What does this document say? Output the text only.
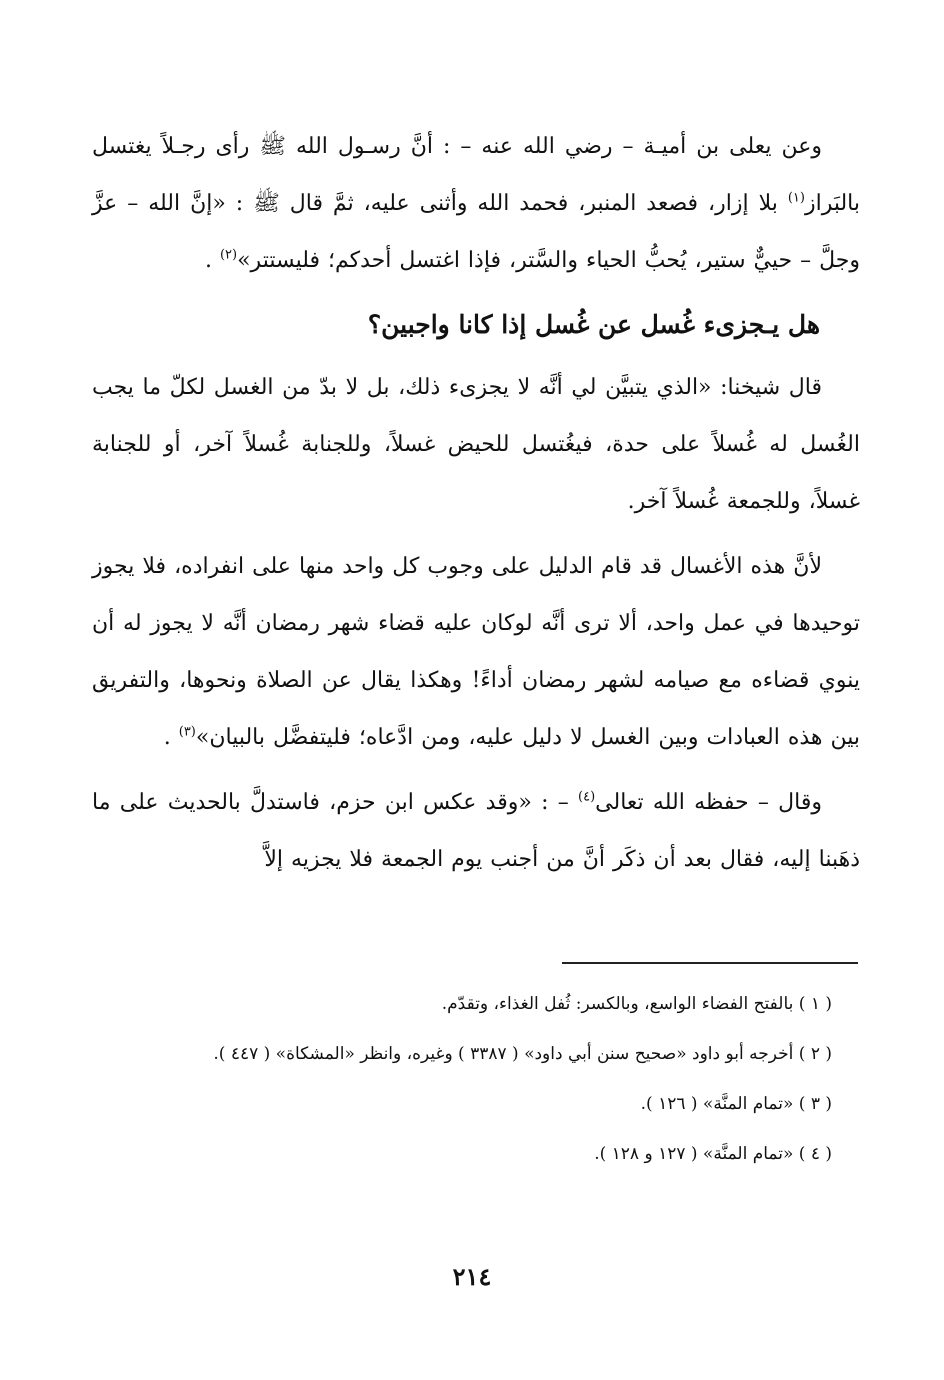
وعن يعلى بن أميـة – رضي الله عنه – : أنَّ رسـول الله ﷺ رأى رجـلاً يغتسل بالبَراز$^{(١)}$ بلا إزار، فصعد المنبر، فحمد الله وأثنى عليه، ثمَّ قال ﷺ : «إنَّ الله – عزَّ وجلَّ – حييٌّ ستير، يُحبُّ الحياء والسَّتر، فإذا اغتسل أحدكم؛ فليستتر»$^{(٢)}$ .

هل يـجزىء غُسل عن غُسل إذا كانا واجبين؟

قال شيخنا: «الذي يتبيَّن لي أنَّه لا يجزىء ذلك، بل لا بدّ من الغسل لكلّ ما يجب الغُسل له غُسلاً على حدة، فيغُتسل للحيض غسلاً، وللجنابة غُسلاً آخر، أو للجنابة غسلاً، وللجمعة غُسلاً آخر.

لأنَّ هذه الأغسال قد قام الدليل على وجوب كل واحد منها على انفراده، فلا يجوز توحيدها في عمل واحد، ألا ترى أنَّه لوكان عليه قضاء شهر رمضان أنَّه لا يجوز له أن ينوي قضاءه مع صيامه لشهر رمضان أداءً! وهكذا يقال عن الصلاة ونحوها، والتفريق بين هذه العبادات وبين الغسل لا دليل عليه، ومن ادَّعاه؛ فليتفضَّل بالبيان»$^{(٣)}$ .

وقال – حفظه الله تعالى$^{(٤)}$ – : «وقد عكس ابن حزم، فاستدلَّ بالحديث على ما ذهَبنا إليه، فقال بعد أن ذكَر أنَّ من أجنب يوم الجمعة فلا يجزيه إلاَّ

( ١ ) بالفتح الفضاء الواسع، وبالكسر: ثُفل الغذاء، وتقدّم.

( ٢ ) أخرجه أبو داود «صحيح سنن أبي داود» ( ٣٣٨٧ ) وغيره، وانظر «المشكاة» ( ٤٤٧ ).

( ٣ ) «تمام المنَّة» ( ١٢٦ ).

( ٤ ) «تمام المنَّة» ( ١٢٧ و ١٢٨ ).

٢١٤
